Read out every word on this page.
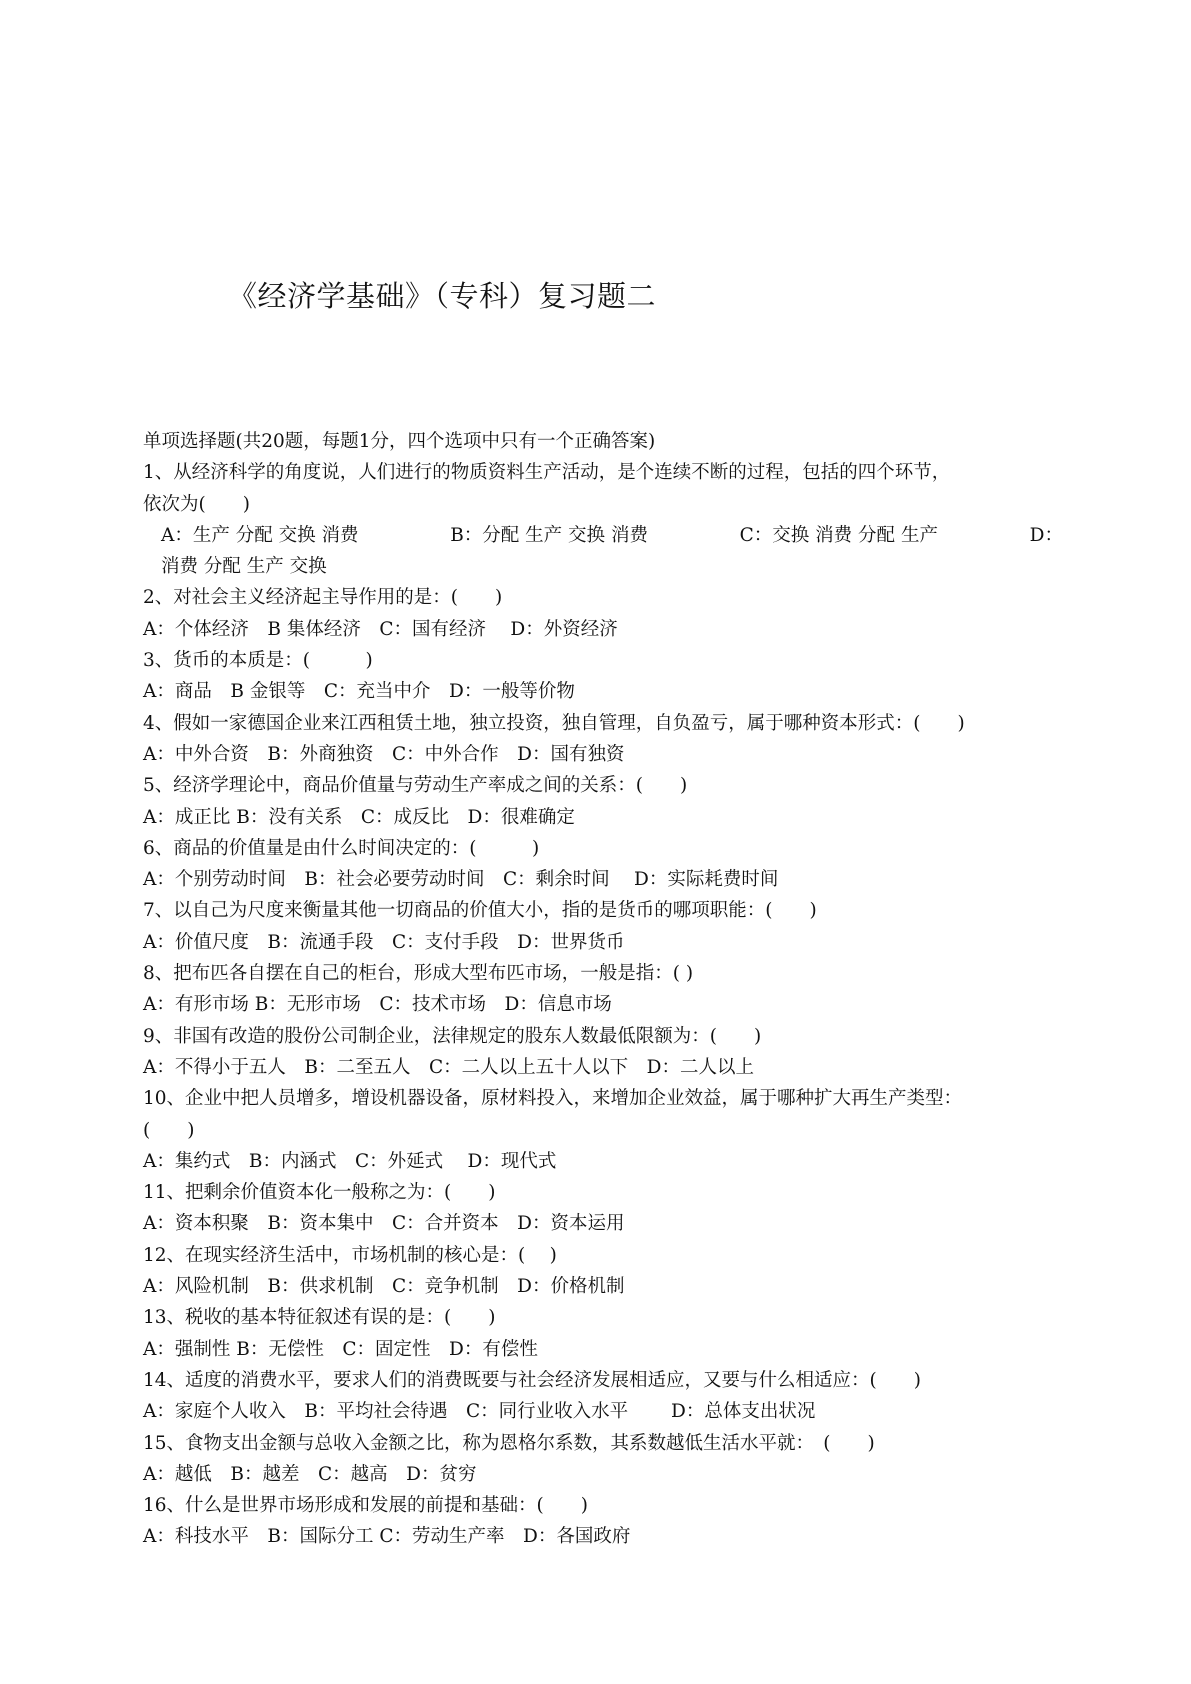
《经济学基础》（专科）复习题二
单项选择题(共20题，每题1分，四个选项中只有一个正确答案)
1、从经济科学的角度说，人们进行的物质资料生产活动，是个连续不断的过程，包括的四个环节，
依次为(　　)
A：生产 分配 交换 消费	B：分配 生产 交换 消费	C：交换 消费 分配 生产	D：
消费 分配 生产 交换
2、对社会主义经济起主导作用的是：(　　)
A：个体经济　B 集体经济　C：国有经济　 D：外资经济
3、货币的本质是：(　　　)
A：商品　B 金银等　C：充当中介　D：一般等价物
4、假如一家德国企业来江西租赁土地，独立投资，独自管理，自负盈亏，属于哪种资本形式：(　　)
A：中外合资　B：外商独资　C：中外合作　D：国有独资
5、经济学理论中，商品价值量与劳动生产率成之间的关系：(　　)
A：成正比 B：没有关系　C：成反比　D：很难确定
6、商品的价值量是由什么时间决定的：(　　　)
A：个别劳动时间　B：社会必要劳动时间　C：剩余时间　 D：实际耗费时间
7、以自己为尺度来衡量其他一切商品的价值大小，指的是货币的哪项职能：(　　)
A：价值尺度　B：流通手段　C：支付手段　D：世界货币
8、把布匹各自摆在自己的柜台，形成大型布匹市场，一般是指：( )
A：有形市场 B：无形市场　C：技术市场　D：信息市场
9、非国有改造的股份公司制企业，法律规定的股东人数最低限额为：(　　)
A：不得小于五人　B：二至五人　C：二人以上五十人以下　D：二人以上
10、企业中把人员增多，增设机器设备，原材料投入，来增加企业效益，属于哪种扩大再生产类型：
(　　)
A：集约式　B：内涵式　C：外延式　 D：现代式
11、把剩余价值资本化一般称之为：(　　)
A：资本积聚　B：资本集中　C：合并资本　D：资本运用
12、在现实经济生活中，市场机制的核心是：(　 )
A：风险机制　B：供求机制　C：竞争机制　D：价格机制
13、税收的基本特征叙述有误的是：(　　)
A：强制性 B：无偿性　C：固定性　D：有偿性
14、适度的消费水平，要求人们的消费既要与社会经济发展相适应，又要与什么相适应：(　　)
A：家庭个人收入　B：平均社会待遇　C：同行业收入水平　　 D：总体支出状况
15、食物支出金额与总收入金额之比，称为恩格尔系数，其系数越低生活水平就：　(　　)
A：越低　B：越差　C：越高　D：贫穷
16、什么是世界市场形成和发展的前提和基础：(　　)
A：科技水平　B：国际分工 C：劳动生产率　D：各国政府
